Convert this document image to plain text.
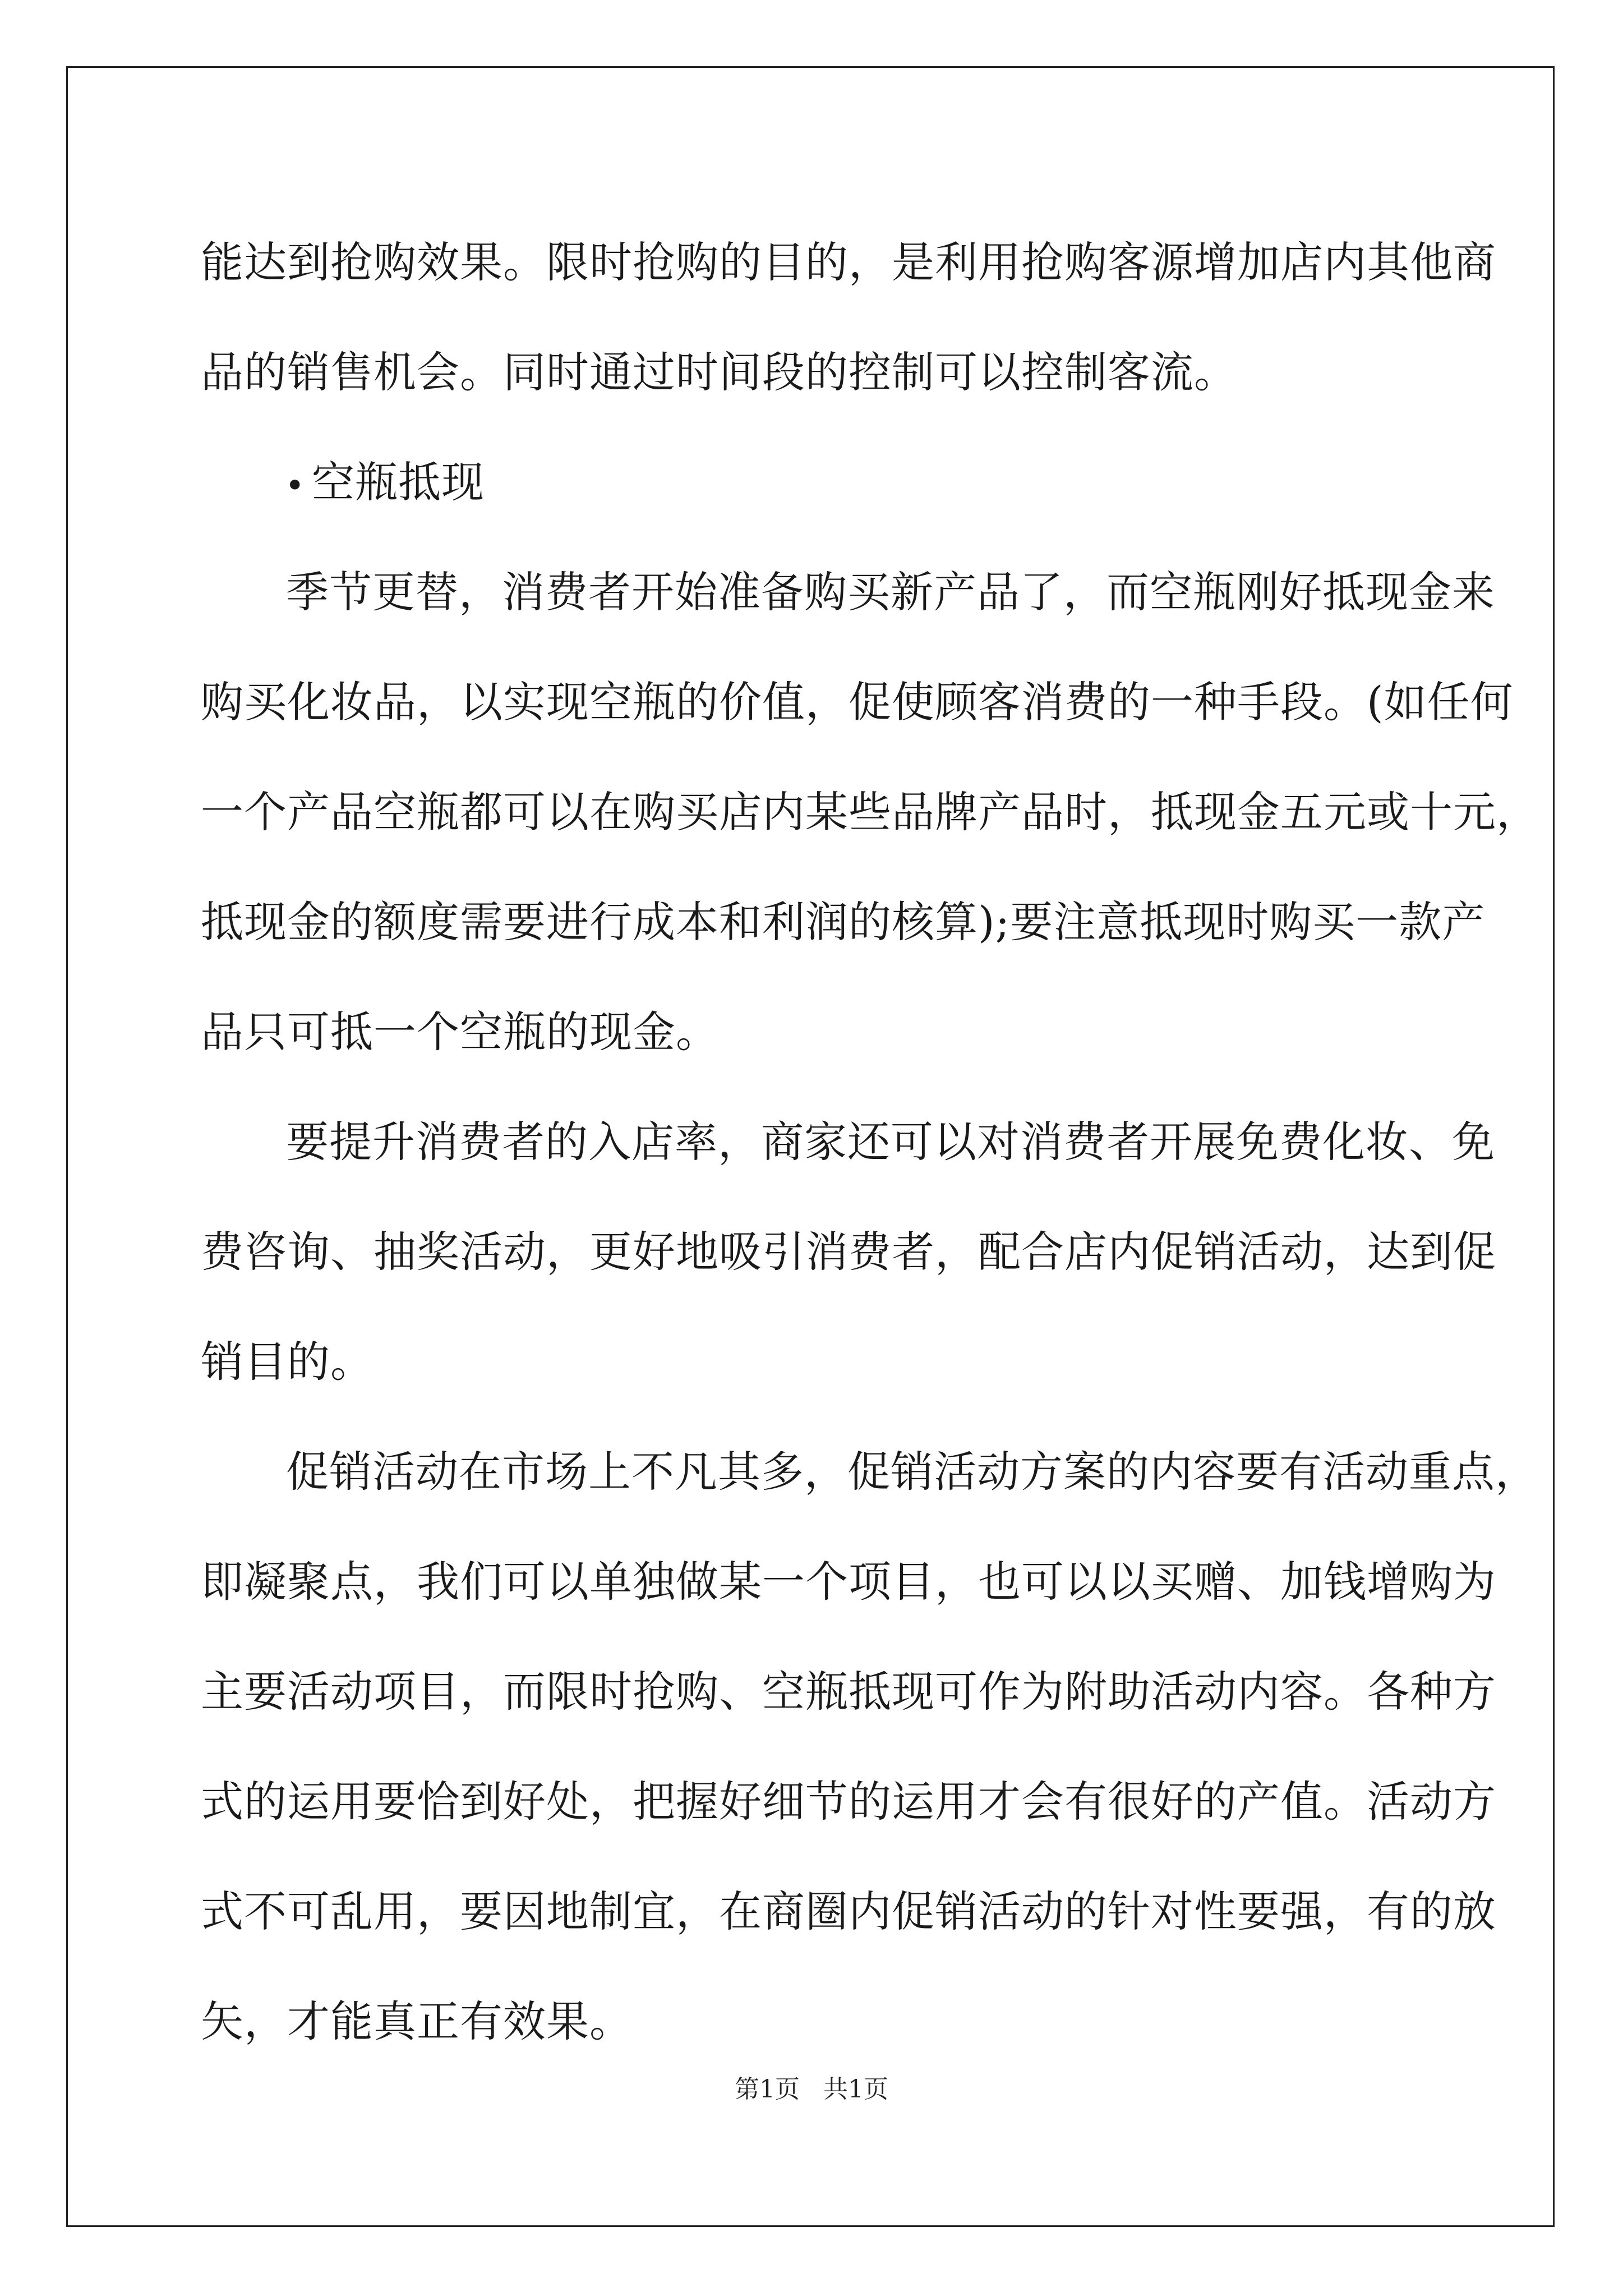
能达到抢购效果。限时抢购的目的，是利用抢购客源增加店内其他商
品的销售机会。同时通过时间段的控制可以控制客流。
• 空瓶抵现
季节更替，消费者开始准备购买新产品了，而空瓶刚好抵现金来
购买化妆品，以实现空瓶的价值，促使顾客消费的一种手段。(如任何
一个产品空瓶都可以在购买店内某些品牌产品时，抵现金五元或十元，
抵现金的额度需要进行成本和利润的核算);要注意抵现时购买一款产
品只可抵一个空瓶的现金。
要提升消费者的入店率，商家还可以对消费者开展免费化妆、免
费咨询、抽奖活动，更好地吸引消费者，配合店内促销活动，达到促
销目的。
促销活动在市场上不凡其多，促销活动方案的内容要有活动重点，
即凝聚点，我们可以单独做某一个项目，也可以以买赠、加钱增购为
主要活动项目，而限时抢购、空瓶抵现可作为附助活动内容。各种方
式的运用要恰到好处，把握好细节的运用才会有很好的产值。活动方
式不可乱用，要因地制宜，在商圈内促销活动的针对性要强，有的放
矢，才能真正有效果。
第1页   共1页
